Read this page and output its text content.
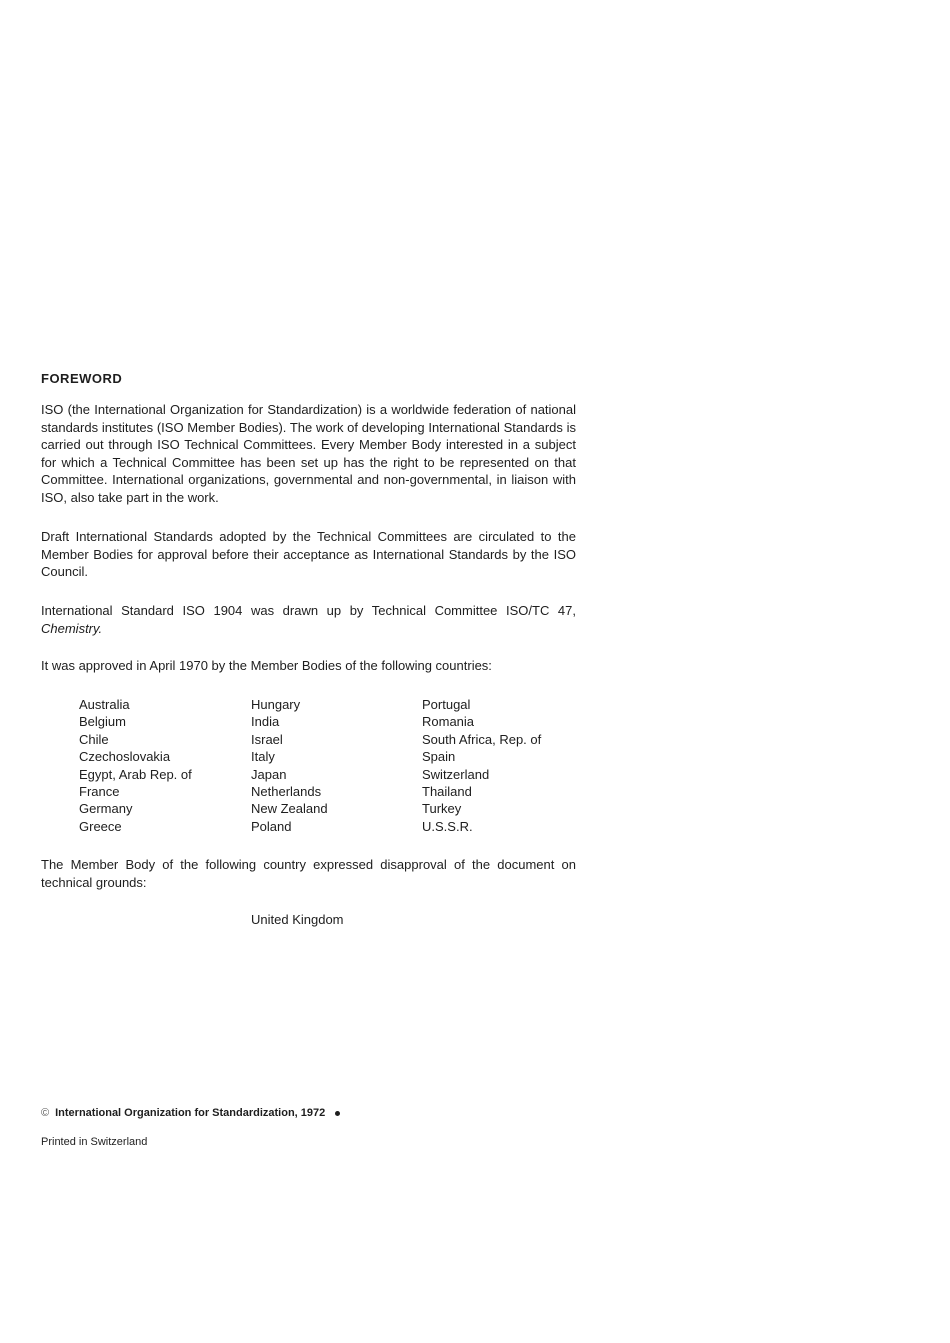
FOREWORD

ISO (the International Organization for Standardization) is a worldwide federation of national standards institutes (ISO Member Bodies). The work of developing International Standards is carried out through ISO Technical Committees. Every Member Body interested in a subject for which a Technical Committee has been set up has the right to be represented on that Committee. International organizations, governmental and non-governmental, in liaison with ISO, also take part in the work.

Draft International Standards adopted by the Technical Committees are circulated to the Member Bodies for approval before their acceptance as International Standards by the ISO Council.

International Standard ISO 1904 was drawn up by Technical Committee ISO/TC 47, Chemistry.

It was approved in April 1970 by the Member Bodies of the following countries:

Australia
Belgium
Chile
Czechoslovakia
Egypt, Arab Rep. of
France
Germany
Greece
Hungary
India
Israel
Italy
Japan
Netherlands
New Zealand
Poland
Portugal
Romania
South Africa, Rep. of
Spain
Switzerland
Thailand
Turkey
U.S.S.R.

The Member Body of the following country expressed disapproval of the document on technical grounds:

United Kingdom
© International Organization for Standardization, 1972
Printed in Switzerland
